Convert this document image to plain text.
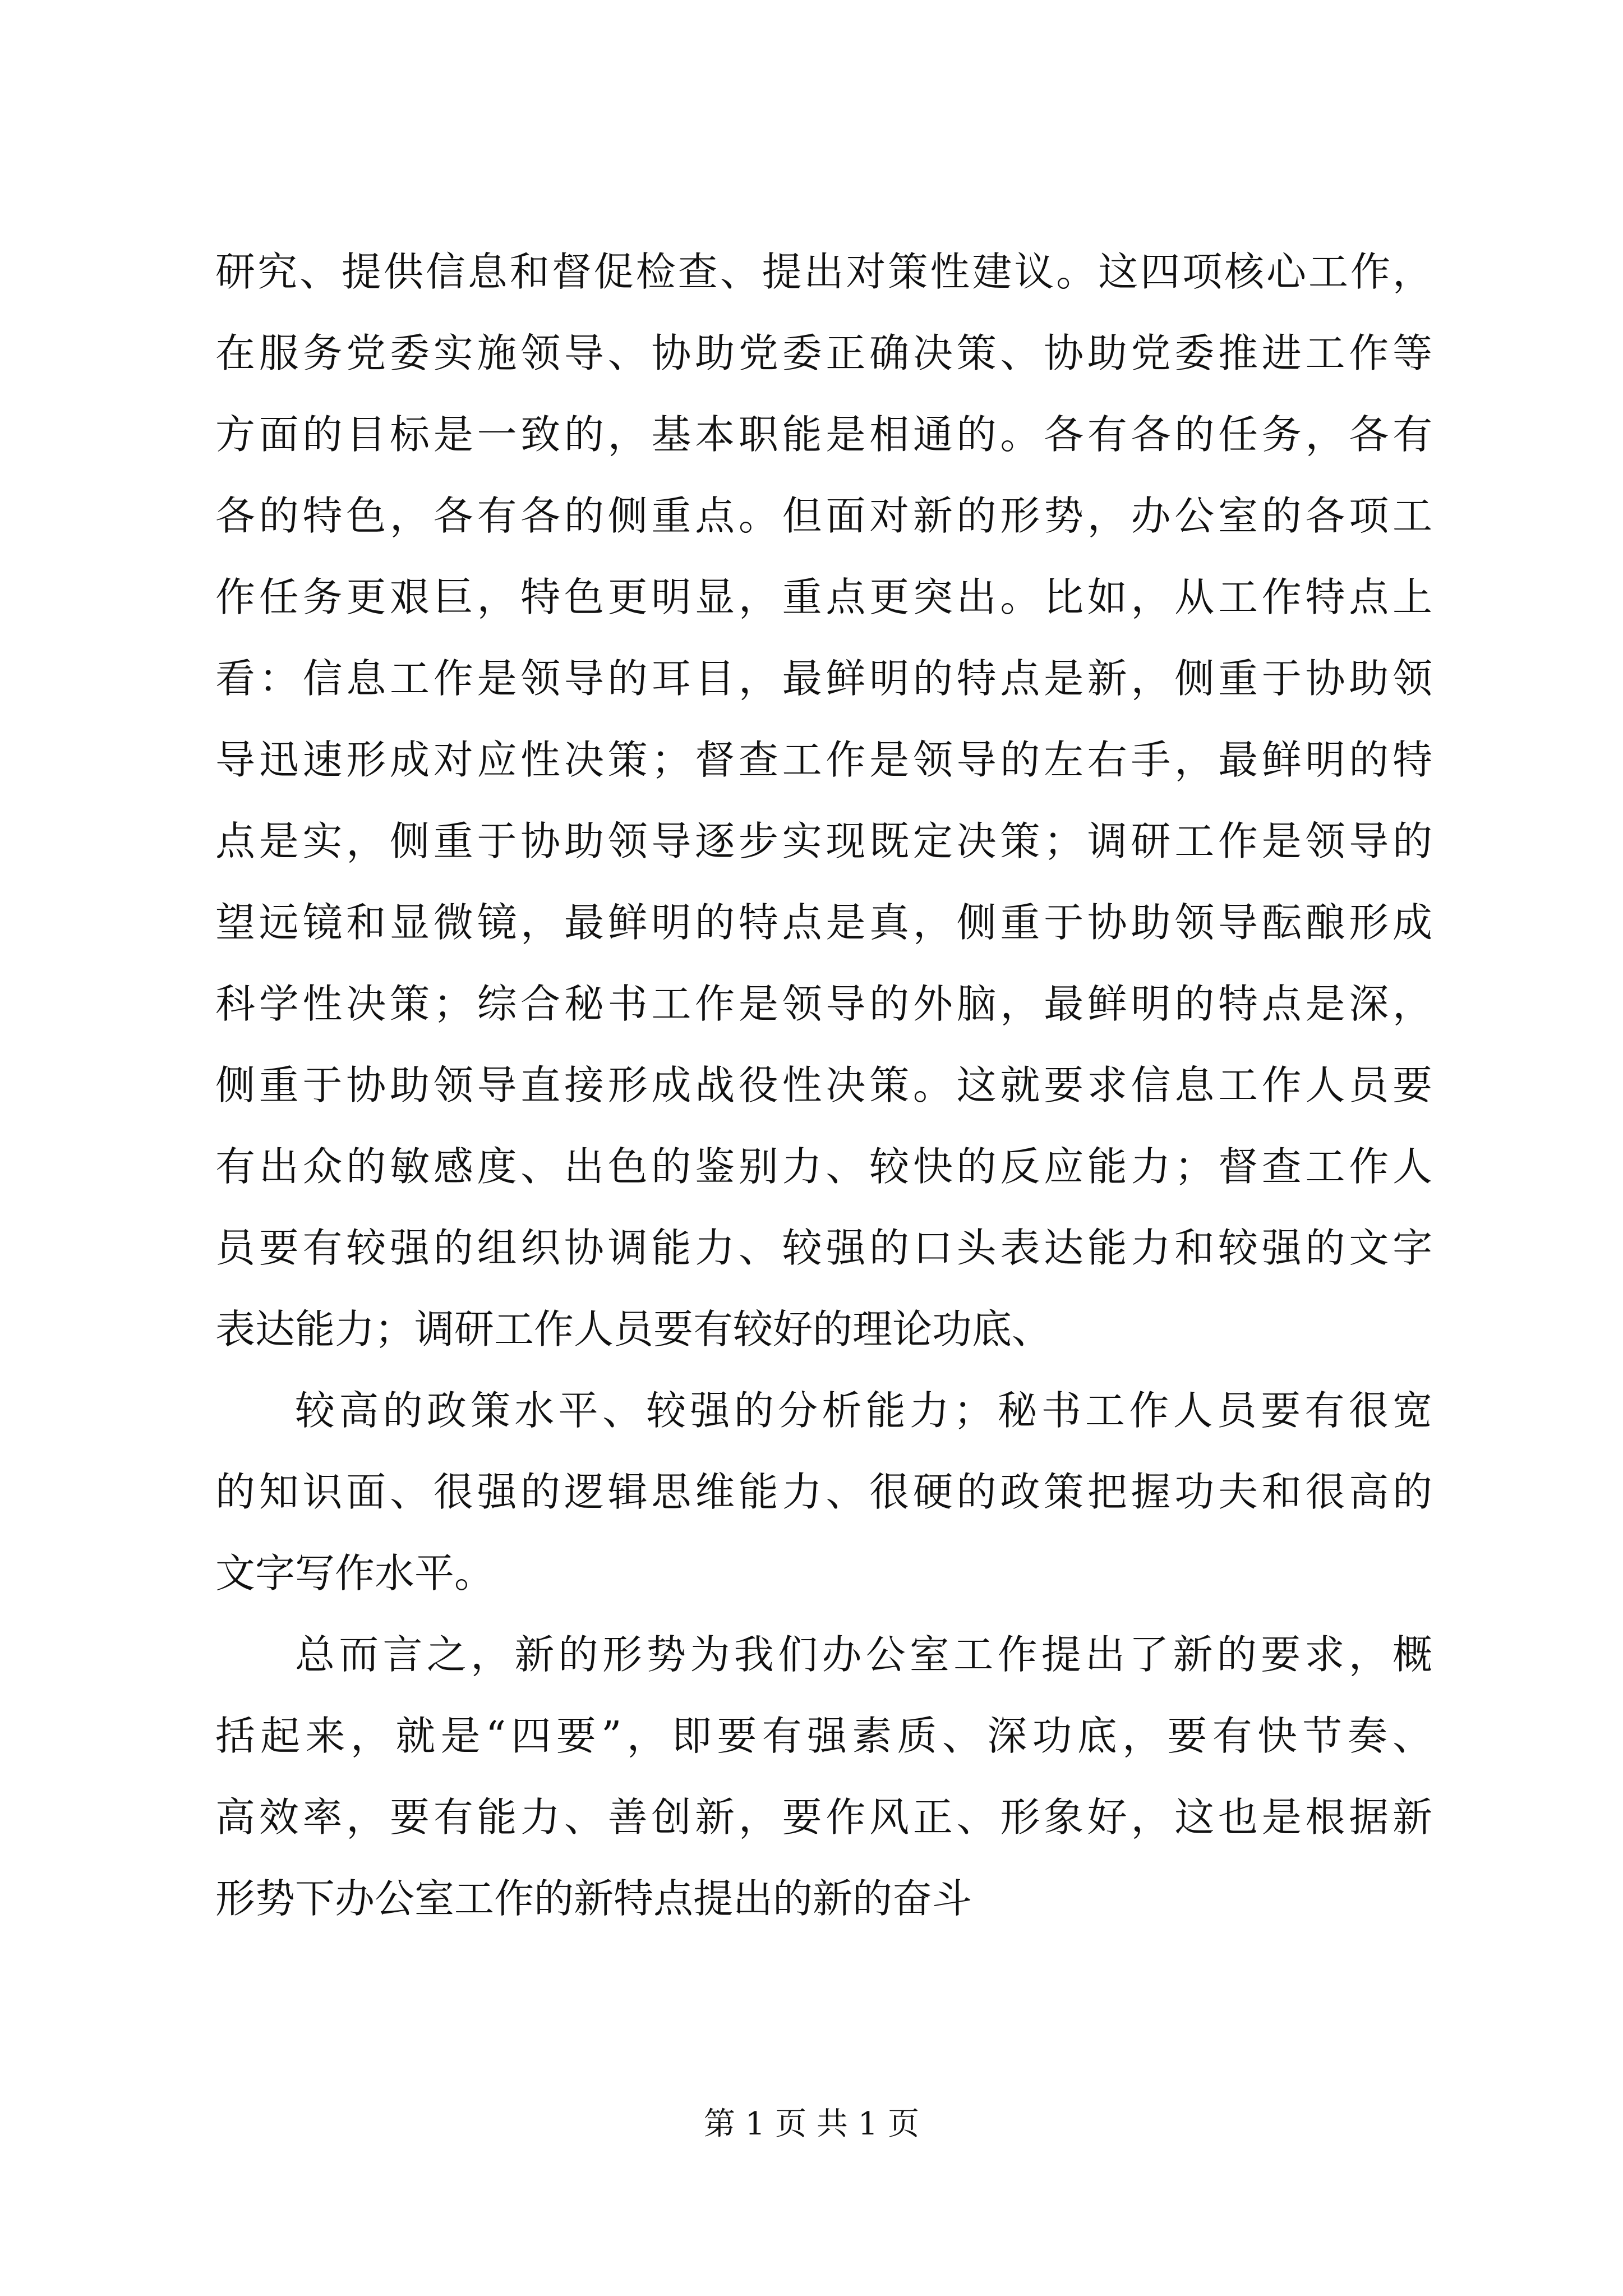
研究、提供信息和督促检查、提出对策性建议。这四项核心工作，
在服务党委实施领导、协助党委正确决策、协助党委推进工作等
方面的目标是一致的，基本职能是相通的。各有各的任务，各有
各的特色，各有各的侧重点。但面对新的形势，办公室的各项工
作任务更艰巨，特色更明显，重点更突出。比如，从工作特点上
看：信息工作是领导的耳目，最鲜明的特点是新，侧重于协助领
导迅速形成对应性决策；督查工作是领导的左右手，最鲜明的特
点是实，侧重于协助领导逐步实现既定决策；调研工作是领导的
望远镜和显微镜，最鲜明的特点是真，侧重于协助领导酝酿形成
科学性决策；综合秘书工作是领导的外脑，最鲜明的特点是深，
侧重于协助领导直接形成战役性决策。这就要求信息工作人员要
有出众的敏感度、出色的鉴别力、较快的反应能力；督查工作人
员要有较强的组织协调能力、较强的口头表达能力和较强的文字
表达能力；调研工作人员要有较好的理论功底、
较高的政策水平、较强的分析能力；秘书工作人员要有很宽
的知识面、很强的逻辑思维能力、很硬的政策把握功夫和很高的
文字写作水平。
总而言之，新的形势为我们办公室工作提出了新的要求，概
括起来，就是“四要”，即要有强素质、深功底，要有快节奏、
高效率，要有能力、善创新，要作风正、形象好，这也是根据新
形势下办公室工作的新特点提出的新的奋斗
第 1 页 共 1 页
